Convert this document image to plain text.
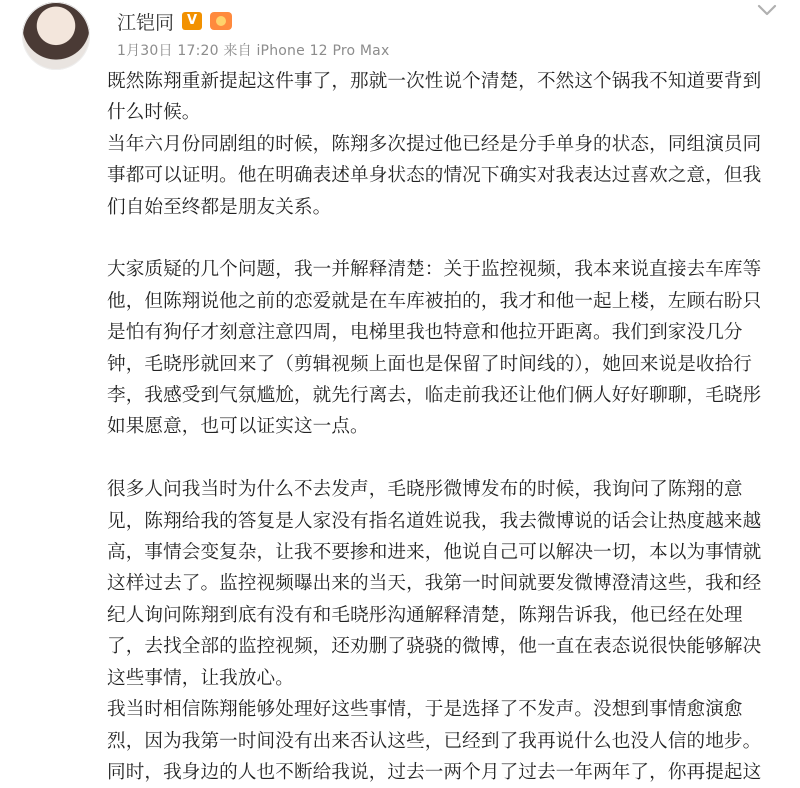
江铠同 V
1月30日 17:20 来自 iPhone 12 Pro Max

既然陈翔重新提起这件事了，那就一次性说个清楚，不然这个锅我不知道要背到

什么时候。

当年六月份同剧组的时候，陈翔多次提过他已经是分手单身的状态，同组演员同

事都可以证明。他在明确表述单身状态的情况下确实对我表达过喜欢之意，但我

们自始至终都是朋友关系。

大家质疑的几个问题，我一并解释清楚：关于监控视频，我本来说直接去车库等

他，但陈翔说他之前的恋爱就是在车库被拍的，我才和他一起上楼，左顾右盼只

是怕有狗仔才刻意注意四周，电梯里我也特意和他拉开距离。我们到家没几分

钟，毛晓彤就回来了（剪辑视频上面也是保留了时间线的），她回来说是收拾行

李，我感受到气氛尴尬，就先行离去，临走前我还让他们俩人好好聊聊，毛晓彤

如果愿意，也可以证实这一点。

很多人问我当时为什么不去发声，毛晓彤微博发布的时候，我询问了陈翔的意

见，陈翔给我的答复是人家没有指名道姓说我，我去微博说的话会让热度越来越

高，事情会变复杂，让我不要掺和进来，他说自己可以解决一切，本以为事情就

这样过去了。监控视频曝出来的当天，我第一时间就要发微博澄清这些，我和经

纪人询问陈翔到底有没有和毛晓彤沟通解释清楚，陈翔告诉我，他已经在处理

了，去找全部的监控视频，还劝删了骁骁的微博，他一直在表态说很快能够解决

这些事情，让我放心。

我当时相信陈翔能够处理好这些事情，于是选择了不发声。没想到事情愈演愈

烈，因为我第一时间没有出来否认这些，已经到了我再说什么也没人信的地步。

同时，我身边的人也不断给我说，过去一两个月了过去一年两年了，你再提起这
